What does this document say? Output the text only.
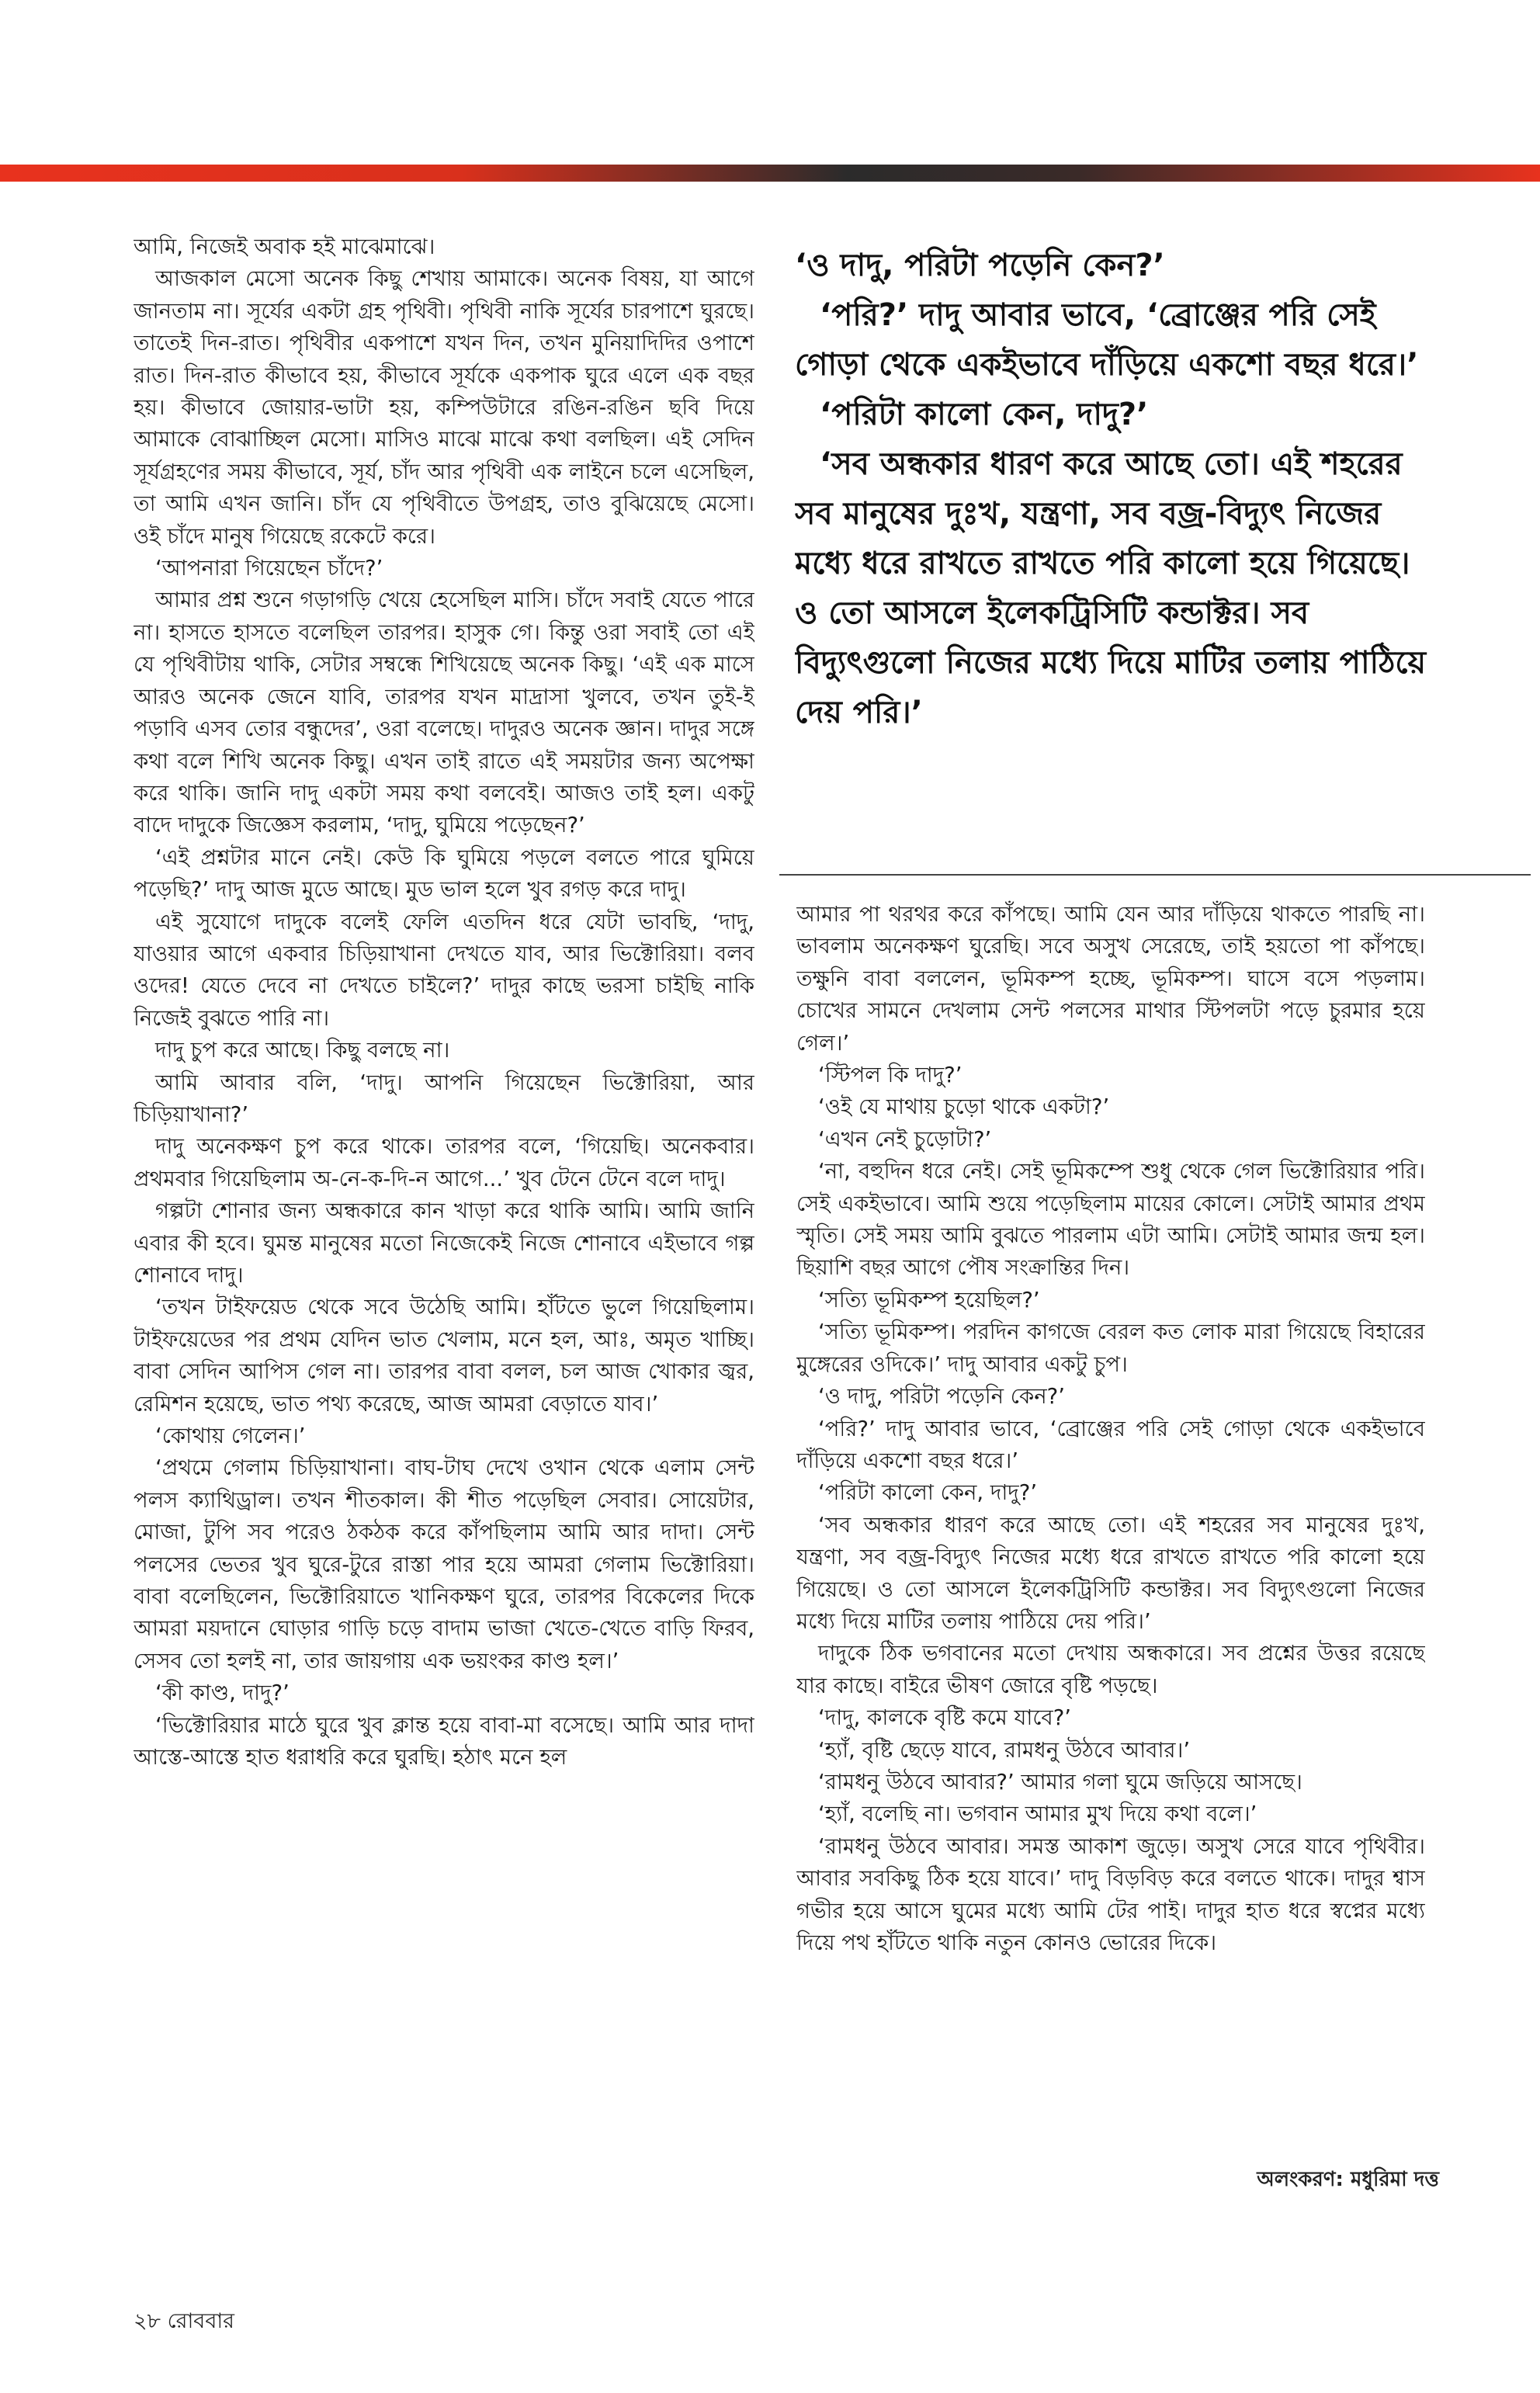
আমি, নিজেই অবাক হই মাঝেমাঝে।

আজকাল মেসো অনেক কিছু শেখায় আমাকে। অনেক বিষয়, যা আগে জানতাম না। সূর্যের একটা গ্রহ পৃথিবী। পৃথিবী নাকি সূর্যের চারপাশে ঘুরছে। তাতেই দিন-রাত। পৃথিবীর একপাশে যখন দিন, তখন মুনিয়াদিদির ওপাশে রাত। দিন-রাত কীভাবে হয়, কীভাবে সূর্যকে একপাক ঘুরে এলে এক বছর হয়। কীভাবে জোয়ার-ভাটা হয়, কম্পিউটারে রঙিন-রঙিন ছবি দিয়ে আমাকে বোঝাচ্ছিল মেসো। মাসিও মাঝে মাঝে কথা বলছিল। এই সেদিন সূর্যগ্রহণের সময় কীভাবে, সূর্য, চাঁদ আর পৃথিবী এক লাইনে চলে এসেছিল, তা আমি এখন জানি। চাঁদ যে পৃথিবীতে উপগ্রহ, তাও বুঝিয়েছে মেসো। ওই চাঁদে মানুষ গিয়েছে রকেটে করে।

‘আপনারা গিয়েছেন চাঁদে?’

আমার প্রশ্ন শুনে গড়াগড়ি খেয়ে হেসেছিল মাসি। চাঁদে সবাই যেতে পারে না। হাসতে হাসতে বলেছিল তারপর। হাসুক গে। কিন্তু ওরা সবাই তো এই যে পৃথিবীটায় থাকি, সেটার সম্বন্ধে শিখিয়েছে অনেক কিছু। ‘এই এক মাসে আরও অনেক জেনে যাবি, তারপর যখন মাদ্রাসা খুলবে, তখন তুই-ই পড়াবি এসব তোর বন্ধুদের’, ওরা বলেছে। দাদুরও অনেক জ্ঞান। দাদুর সঙ্গে কথা বলে শিখি অনেক কিছু। এখন তাই রাতে এই সময়টার জন্য অপেক্ষা করে থাকি। জানি দাদু একটা সময় কথা বলবেই। আজও তাই হল। একটু বাদে দাদুকে জিজ্ঞেস করলাম, ‘দাদু, ঘুমিয়ে পড়েছেন?’

‘এই প্রশ্নটার মানে নেই। কেউ কি ঘুমিয়ে পড়লে বলতে পারে ঘুমিয়ে পড়েছি?’ দাদু আজ মুডে আছে। মুড ভাল হলে খুব রগড় করে দাদু।

এই সুযোগে দাদুকে বলেই ফেলি এতদিন ধরে যেটা ভাবছি, ‘দাদু, যাওয়ার আগে একবার চিড়িয়াখানা দেখতে যাব, আর ভিক্টোরিয়া। বলব ওদের! যেতে দেবে না দেখতে চাইলে?’ দাদুর কাছে ভরসা চাইছি নাকি নিজেই বুঝতে পারি না।

দাদু চুপ করে আছে। কিছু বলছে না।

আমি আবার বলি, ‘দাদু। আপনি গিয়েছেন ভিক্টোরিয়া, আর চিড়িয়াখানা?’

দাদু অনেকক্ষণ চুপ করে থাকে। তারপর বলে, ‘গিয়েছি। অনেকবার। প্রথমবার গিয়েছিলাম অ-নে-ক-দি-ন আগে...’ খুব টেনে টেনে বলে দাদু।

গল্পটা শোনার জন্য অন্ধকারে কান খাড়া করে থাকি আমি। আমি জানি এবার কী হবে। ঘুমন্ত মানুষের মতো নিজেকেই নিজে শোনাবে এইভাবে গল্প শোনাবে দাদু।

‘তখন টাইফয়েড থেকে সবে উঠেছি আমি। হাঁটতে ভুলে গিয়েছিলাম। টাইফয়েডের পর প্রথম যেদিন ভাত খেলাম, মনে হল, আঃ, অমৃত খাচ্ছি। বাবা সেদিন আপিস গেল না। তারপর বাবা বলল, চল আজ খোকার জ্বর, রেমিশন হয়েছে, ভাত পথ্য করেছে, আজ আমরা বেড়াতে যাব।’

‘কোথায় গেলেন।’

‘প্রথমে গেলাম চিড়িয়াখানা। বাঘ-টাঘ দেখে ওখান থেকে এলাম সেন্ট পলস ক্যাথিড্রাল। তখন শীতকাল। কী শীত পড়েছিল সেবার। সোয়েটার, মোজা, টুপি সব পরেও ঠকঠক করে কাঁপছিলাম আমি আর দাদা। সেন্ট পলসের ভেতর খুব ঘুরে-টুরে রাস্তা পার হয়ে আমরা গেলাম ভিক্টোরিয়া। বাবা বলেছিলেন, ভিক্টোরিয়াতে খানিকক্ষণ ঘুরে, তারপর বিকেলের দিকে আমরা ময়দানে ঘোড়ার গাড়ি চড়ে বাদাম ভাজা খেতে-খেতে বাড়ি ফিরব, সেসব তো হলই না, তার জায়গায় এক ভয়ংকর কাণ্ড হল।’

‘কী কাণ্ড, দাদু?’

‘ভিক্টোরিয়ার মাঠে ঘুরে খুব ক্লান্ত হয়ে বাবা-মা বসেছে। আমি আর দাদা আস্তে-আস্তে হাত ধরাধরি করে ঘুরছি। হঠাৎ মনে হল

‘ও দাদু, পরিটা পড়েনি কেন?’

‘পরি?’ দাদু আবার ভাবে, ‘ব্রোঞ্জের পরি সেই গোড়া থেকে একইভাবে দাঁড়িয়ে একশো বছর ধরে।’

‘পরিটা কালো কেন, দাদু?’

‘সব অন্ধকার ধারণ করে আছে তো। এই শহরের সব মানুষের দুঃখ, যন্ত্রণা, সব বজ্র-বিদ্যুৎ নিজের মধ্যে ধরে রাখতে রাখতে পরি কালো হয়ে গিয়েছে। ও তো আসলে ইলেকট্রিসিটি কন্ডাক্টর। সব বিদ্যুৎগুলো নিজের মধ্যে দিয়ে মাটির তলায় পাঠিয়ে দেয় পরি।’

আমার পা থরথর করে কাঁপছে। আমি যেন আর দাঁড়িয়ে থাকতে পারছি না। ভাবলাম অনেকক্ষণ ঘুরেছি। সবে অসুখ সেরেছে, তাই হয়তো পা কাঁপছে। তক্ষুনি বাবা বললেন, ভূমিকম্প হচ্ছে, ভূমিকম্প। ঘাসে বসে পড়লাম। চোখের সামনে দেখলাম সেন্ট পলসের মাথার স্টিপলটা পড়ে চুরমার হয়ে গেল।’

‘স্টিপল কি দাদু?’

‘ওই যে মাথায় চুড়ো থাকে একটা?’

‘এখন নেই চুড়োটা?’

‘না, বহুদিন ধরে নেই। সেই ভূমিকম্পে শুধু থেকে গেল ভিক্টোরিয়ার পরি। সেই একইভাবে। আমি শুয়ে পড়েছিলাম মায়ের কোলে। সেটাই আমার প্রথম স্মৃতি। সেই সময় আমি বুঝতে পারলাম এটা আমি। সেটাই আমার জন্ম হল। ছিয়াশি বছর আগে পৌষ সংক্রান্তির দিন।

‘সত্যি ভূমিকম্প হয়েছিল?’

‘সত্যি ভূমিকম্প। পরদিন কাগজে বেরল কত লোক মারা গিয়েছে বিহারের মুঙ্গেরের ওদিকে।’ দাদু আবার একটু চুপ।

‘ও দাদু, পরিটা পড়েনি কেন?’

‘পরি?’ দাদু আবার ভাবে, ‘ব্রোঞ্জের পরি সেই গোড়া থেকে একইভাবে দাঁড়িয়ে একশো বছর ধরে।’

‘পরিটা কালো কেন, দাদু?’

‘সব অন্ধকার ধারণ করে আছে তো। এই শহরের সব মানুষের দুঃখ, যন্ত্রণা, সব বজ্র-বিদ্যুৎ নিজের মধ্যে ধরে রাখতে রাখতে পরি কালো হয়ে গিয়েছে। ও তো আসলে ইলেকট্রিসিটি কন্ডাক্টর। সব বিদ্যুৎগুলো নিজের মধ্যে দিয়ে মাটির তলায় পাঠিয়ে দেয় পরি।’

দাদুকে ঠিক ভগবানের মতো দেখায় অন্ধকারে। সব প্রশ্নের উত্তর রয়েছে যার কাছে। বাইরে ভীষণ জোরে বৃষ্টি পড়ছে।

‘দাদু, কালকে বৃষ্টি কমে যাবে?’

‘হ্যাঁ, বৃষ্টি ছেড়ে যাবে, রামধনু উঠবে আবার।’

‘রামধনু উঠবে আবার?’ আমার গলা ঘুমে জড়িয়ে আসছে।

‘হ্যাঁ, বলেছি না। ভগবান আমার মুখ দিয়ে কথা বলে।’

‘রামধনু উঠবে আবার। সমস্ত আকাশ জুড়ে। অসুখ সেরে যাবে পৃথিবীর। আবার সবকিছু ঠিক হয়ে যাবে।’ দাদু বিড়বিড় করে বলতে থাকে। দাদুর শ্বাস গভীর হয়ে আসে ঘুমের মধ্যে আমি টের পাই। দাদুর হাত ধরে স্বপ্নের মধ্যে দিয়ে পথ হাঁটতে থাকি নতুন কোনও ভোরের দিকে।

অলংকরণ: মধুরিমা দত্ত
২৮ রোববার
